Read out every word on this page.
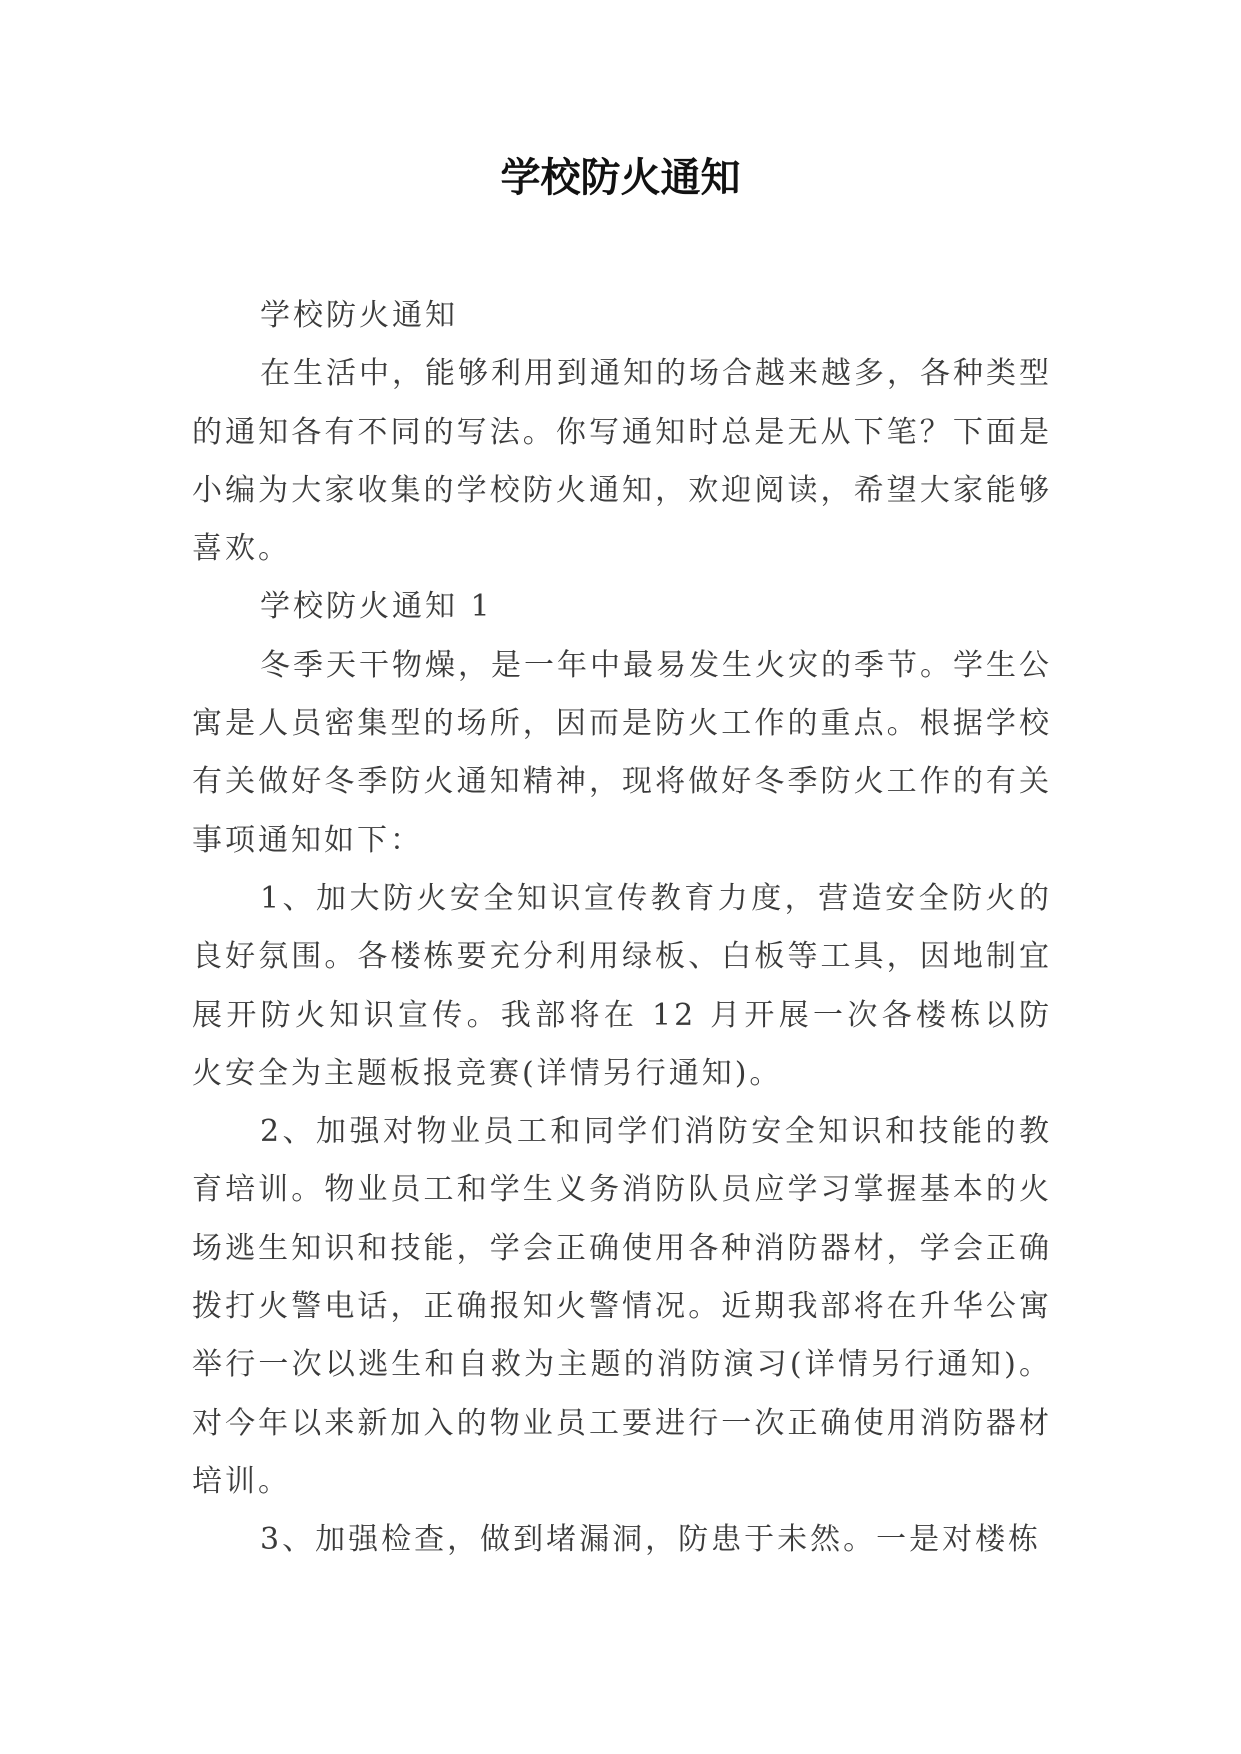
学校防火通知

学校防火通知

在生活中，能够利用到通知的场合越来越多，各种类型的通知各有不同的写法。你写通知时总是无从下笔？下面是小编为大家收集的学校防火通知，欢迎阅读，希望大家能够喜欢。

学校防火通知 1

冬季天干物燥，是一年中最易发生火灾的季节。学生公寓是人员密集型的场所，因而是防火工作的重点。根据学校有关做好冬季防火通知精神，现将做好冬季防火工作的有关事项通知如下：

1、加大防火安全知识宣传教育力度，营造安全防火的良好氛围。各楼栋要充分利用绿板、白板等工具，因地制宜展开防火知识宣传。我部将在 12 月开展一次各楼栋以防火安全为主题板报竞赛(详情另行通知)。

2、加强对物业员工和同学们消防安全知识和技能的教育培训。物业员工和学生义务消防队员应学习掌握基本的火场逃生知识和技能，学会正确使用各种消防器材，学会正确拨打火警电话，正确报知火警情况。近期我部将在升华公寓举行一次以逃生和自救为主题的消防演习(详情另行通知)。对今年以来新加入的物业员工要进行一次正确使用消防器材培训。

3、加强检查，做到堵漏洞，防患于未然。一是对楼栋
